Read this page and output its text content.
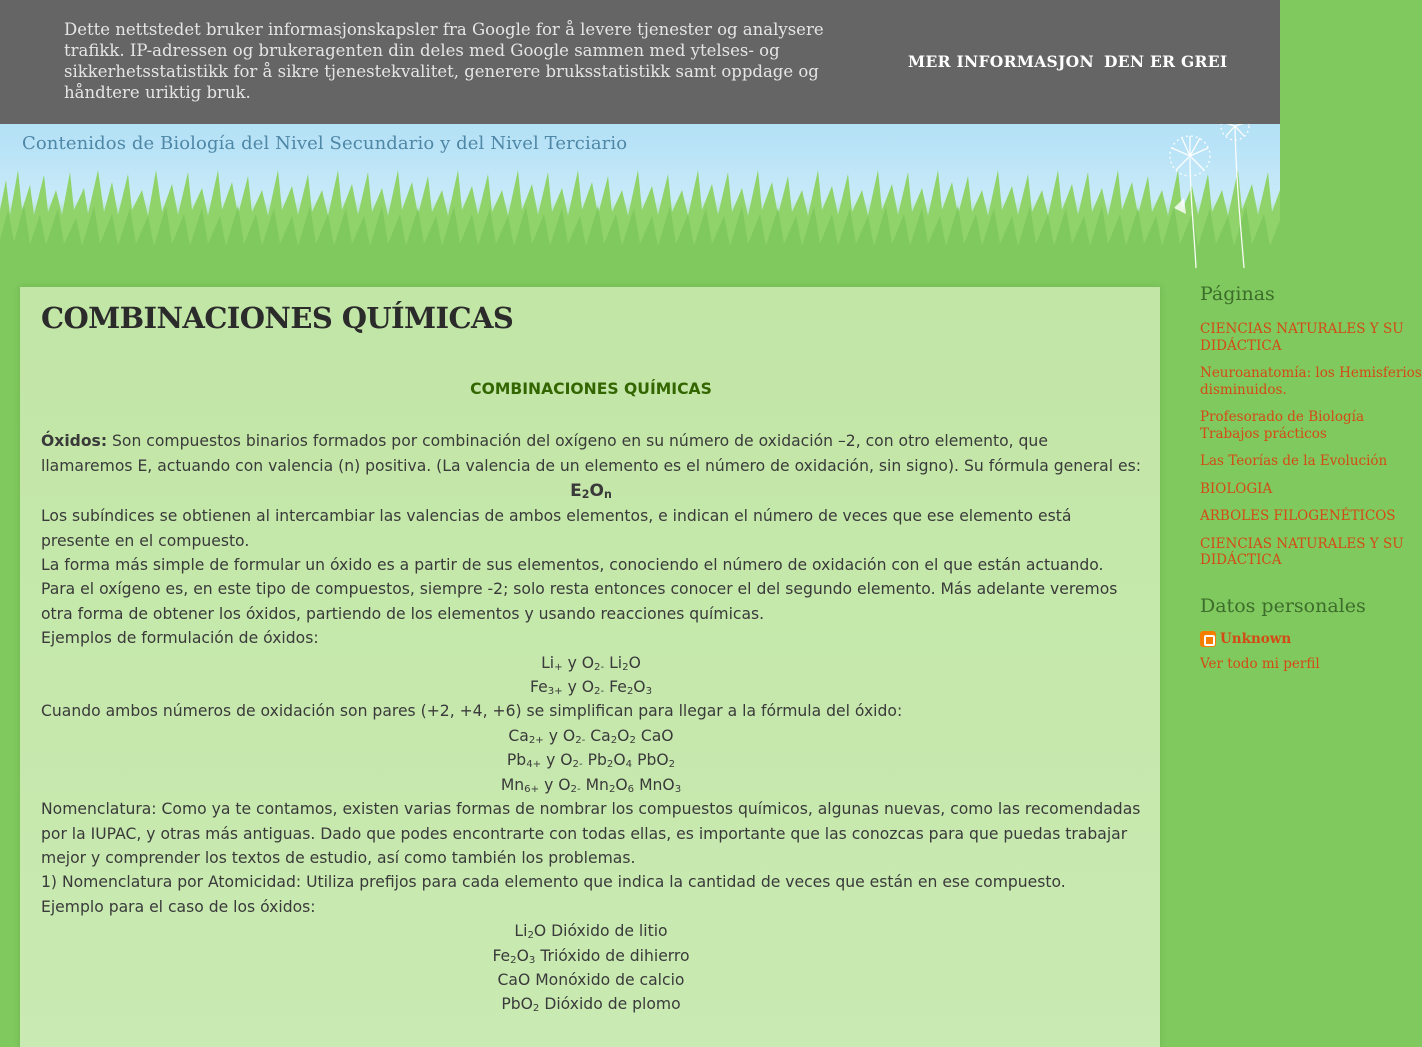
Contenidos de Biología del Nivel Secundario y del Nivel Terciario
Dette nettstedet bruker informasjonskapsler fra Google for å levere tjenester og analysere trafikk. IP-adressen og brukeragenten din deles med Google sammen med ytelses- og sikkerhetsstatistikk for å sikre tjenestekvalitet, generere bruksstatistikk samt oppdage og håndtere uriktig bruk.
MER INFORMASJON DEN ER GREI
COMBINACIONES QUÍMICAS

COMBINACIONES QUÍMICAS

Óxidos: Son compuestos binarios formados por combinación del oxígeno en su número de oxidación –2, con otro elemento, que llamaremos E, actuando con valencia (n) positiva. (La valencia de un elemento es el número de oxidación, sin signo). Su fórmula general es:

$E_2O_n$

Los subíndices se obtienen al intercambiar las valencias de ambos elementos, e indican el número de veces que ese elemento está presente en el compuesto.

La forma más simple de formular un óxido es a partir de sus elementos, conociendo el número de oxidación con el que están actuando. Para el oxígeno es, en este tipo de compuestos, siempre -2; solo resta entonces conocer el del segundo elemento. Más adelante veremos otra forma de obtener los óxidos, partiendo de los elementos y usando reacciones químicas.

Ejemplos de formulación de óxidos:

Li+ y $O^{2-}$ $Li_2O$

$Fe^{3+}$ y $O^{2-}$ $Fe_2O_3$

Cuando ambos números de oxidación son pares (+2, +4, +6) se simplifican para llegar a la fórmula del óxido:

$Ca^{2+}$ y $O^{2-}$ $Ca_2O_2$ CaO

$Pb^{4+}$ y $O^{2-}$ $Pb_2O_4$ PbO$_2$

$Mn^{6+}$ y $O^{2-}$ $Mn_2O_6$ MnO$_3$

Nomenclatura: Como ya te contamos, existen varias formas de nombrar los compuestos químicos, algunas nuevas, como las recomendadas por la IUPAC, y otras más antiguas. Dado que podes encontrarte con todas ellas, es importante que las conozcas para que puedas trabajar mejor y comprender los textos de estudio, así como también los problemas.

1) Nomenclatura por Atomicidad: Utiliza prefijos para cada elemento que indica la cantidad de veces que están en ese compuesto.

Ejemplo para el caso de los óxidos:

$Li_2O$ Dióxido de litio

$Fe_2O_3$ Trióxido de dihierro

CaO Monóxido de calcio

PbO$_2$ Dióxido de plomo

Páginas
CIENCIAS NATURALES Y SU
DIDÁCTICA
Neuroanatomía: los Hemisferios
disminuidos.
Profesorado de Biología
Trabajos prácticos
Las Teorías de la Evolución
BIOLOGIA
ARBOLES FILOGENÉTICOS
CIENCIAS NATURALES Y SU
DIDÁCTICA
Datos personales
Unknown
Ver todo mi perfil
